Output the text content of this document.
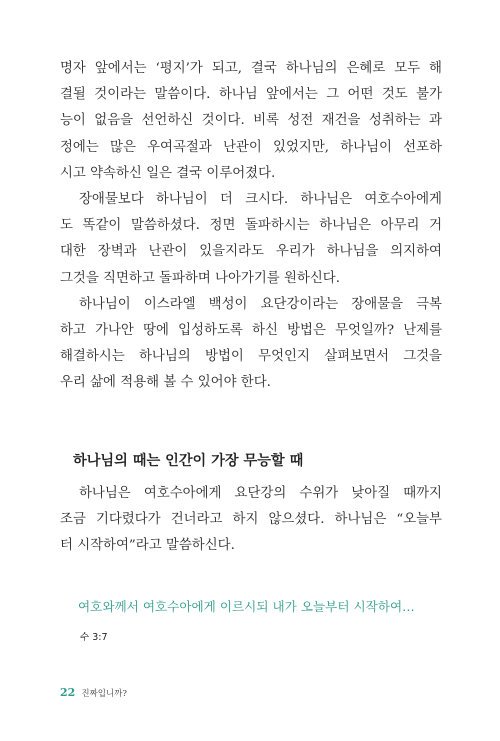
명자 앞에서는 ‘평지’가 되고, 결국 하나님의 은혜로 모두 해
결될 것이라는 말씀이다. 하나님 앞에서는 그 어떤 것도 불가
능이 없음을 선언하신 것이다. 비록 성전 재건을 성취하는 과
정에는 많은 우여곡절과 난관이 있었지만, 하나님이 선포하
시고 약속하신 일은 결국 이루어졌다.

장애물보다 하나님이 더 크시다. 하나님은 여호수아에게
도 똑같이 말씀하셨다. 정면 돌파하시는 하나님은 아무리 거
대한 장벽과 난관이 있을지라도 우리가 하나님을 의지하여
그것을 직면하고 돌파하며 나아가기를 원하신다.

하나님이 이스라엘 백성이 요단강이라는 장애물을 극복
하고 가나안 땅에 입성하도록 하신 방법은 무엇일까? 난제를
해결하시는 하나님의 방법이 무엇인지 살펴보면서 그것을
우리 삶에 적용해 볼 수 있어야 한다.

하나님의 때는 인간이 가장 무능할 때

하나님은 여호수아에게 요단강의 수위가 낮아질 때까지
조금 기다렸다가 건너라고 하지 않으셨다. 하나님은 “오늘부
터 시작하여”라고 말씀하신다.

여호와께서 여호수아에게 이르시되 내가 오늘부터 시작하여…
수 3:7
22 진짜입니까?
